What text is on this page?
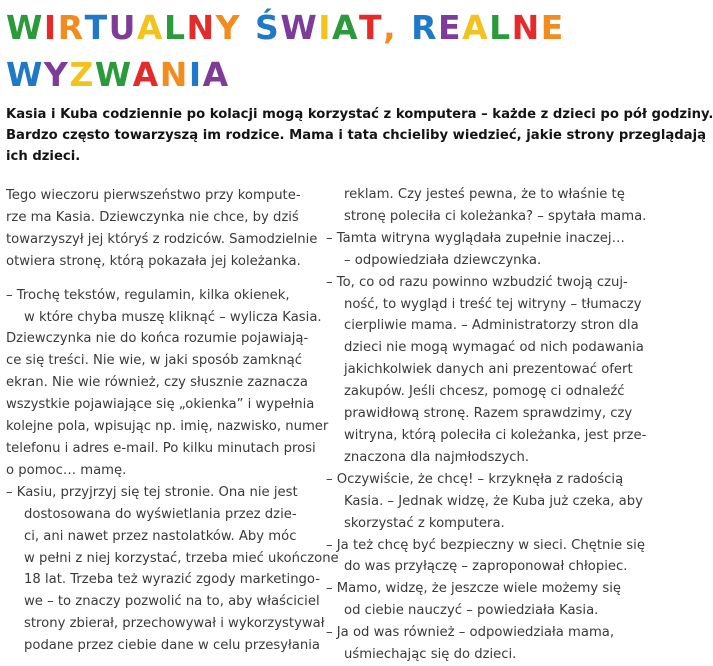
WIRTUALNY ŚWIAT, REALNE
WYZWANIA
Kasia i Kuba codziennie po kolacji mogą korzystać z komputera – każde z dzieci po pół godziny.
Bardzo często towarzyszą im rodzice. Mama i tata chcieliby wiedzieć, jakie strony przeglądają
ich dzieci.
Tego wieczoru pierwszeństwo przy kompute-
rze ma Kasia. Dziewczynka nie chce, by dziś
towarzyszył jej któryś z rodziców. Samodzielnie
otwiera stronę, którą pokazała jej koleżanka.
– Trochę tekstów, regulamin, kilka okienek,
w które chyba muszę kliknąć – wylicza Kasia.
Dziewczynka nie do końca rozumie pojawiają-
ce się treści. Nie wie, w jaki sposób zamknąć
ekran. Nie wie również, czy słusznie zaznacza
wszystkie pojawiające się „okienka” i wypełnia
kolejne pola, wpisując np. imię, nazwisko, numer
telefonu i adres e-mail. Po kilku minutach prosi
o pomoc… mamę.
– Kasiu, przyjrzyj się tej stronie. Ona nie jest
dostosowana do wyświetlania przez dzie-
ci, ani nawet przez nastolatków. Aby móc
w pełni z niej korzystać, trzeba mieć ukończone
18 lat. Trzeba też wyrazić zgody marketingo-
we – to znaczy pozwolić na to, aby właściciel
strony zbierał, przechowywał i wykorzystywał
podane przez ciebie dane w celu przesyłania
reklam. Czy jesteś pewna, że to właśnie tę
stronę poleciła ci koleżanka? – spytała mama.
– Tamta witryna wyglądała zupełnie inaczej…
– odpowiedziała dziewczynka.
– To, co od razu powinno wzbudzić twoją czuj-
ność, to wygląd i treść tej witryny – tłumaczy
cierpliwie mama. – Administratorzy stron dla
dzieci nie mogą wymagać od nich podawania
jakichkolwiek danych ani prezentować ofert
zakupów. Jeśli chcesz, pomogę ci odnaleźć
prawidłową stronę. Razem sprawdzimy, czy
witryna, którą poleciła ci koleżanka, jest prze-
znaczona dla najmłodszych.
– Oczywiście, że chcę! – krzyknęła z radością
Kasia. – Jednak widzę, że Kuba już czeka, aby
skorzystać z komputera.
– Ja też chcę być bezpieczny w sieci. Chętnie się
do was przyłączę – zaproponował chłopiec.
– Mamo, widzę, że jeszcze wiele możemy się
od ciebie nauczyć – powiedziała Kasia.
– Ja od was również – odpowiedziała mama,
uśmiechając się do dzieci.
